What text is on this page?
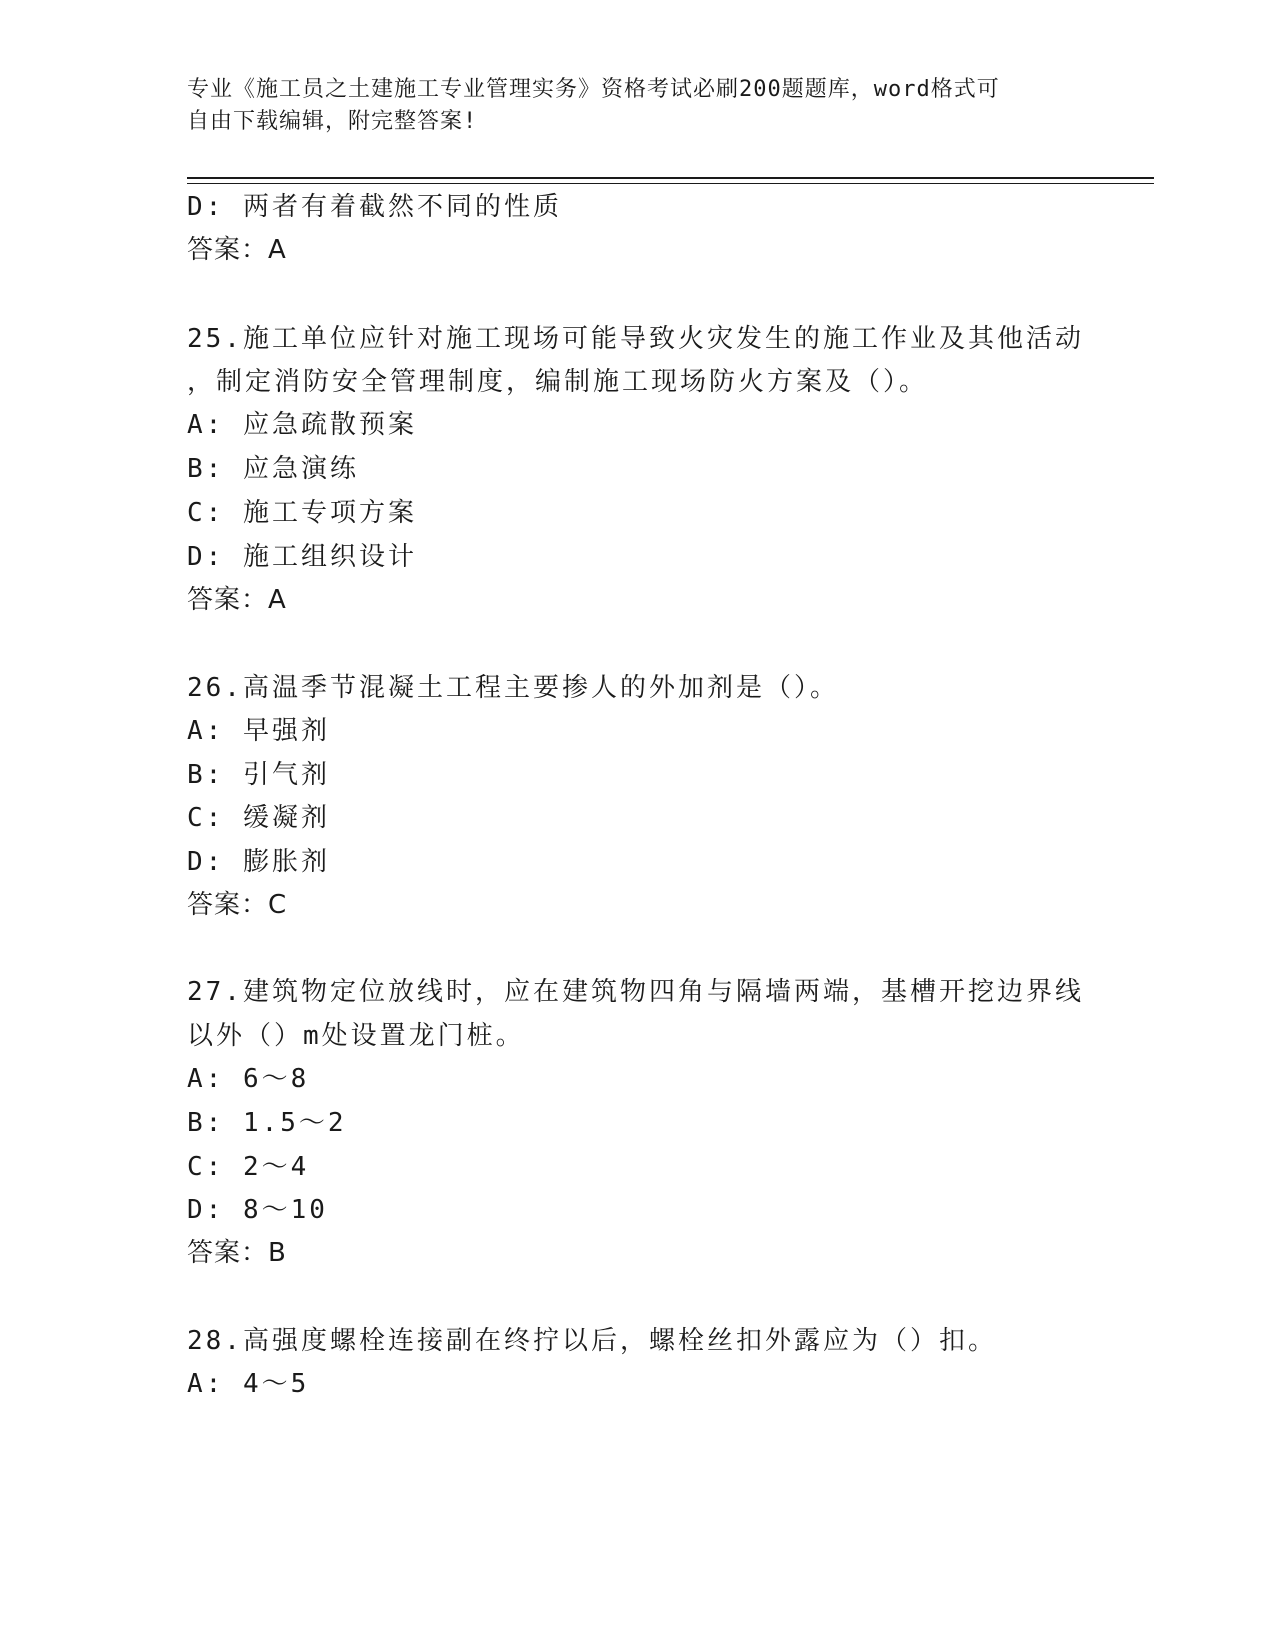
专业《施工员之土建施工专业管理实务》资格考试必刷200题题库，word格式可
自由下载编辑，附完整答案!
D: 两者有着截然不同的性质
答案：A
25.施工单位应针对施工现场可能导致火灾发生的施工作业及其他活动
，制定消防安全管理制度，编制施工现场防火方案及（）。
A: 应急疏散预案
B: 应急演练
C: 施工专项方案
D: 施工组织设计
答案：A
26.高温季节混凝土工程主要掺人的外加剂是（）。
A: 早强剂
B: 引气剂
C: 缓凝剂
D: 膨胀剂
答案：C
27.建筑物定位放线时，应在建筑物四角与隔墙两端，基槽开挖边界线
以外（）m处设置龙门桩。
A: 6～8
B: 1.5～2
C: 2～4
D: 8～10
答案：B
28.高强度螺栓连接副在终拧以后，螺栓丝扣外露应为（）扣。
A: 4～5
